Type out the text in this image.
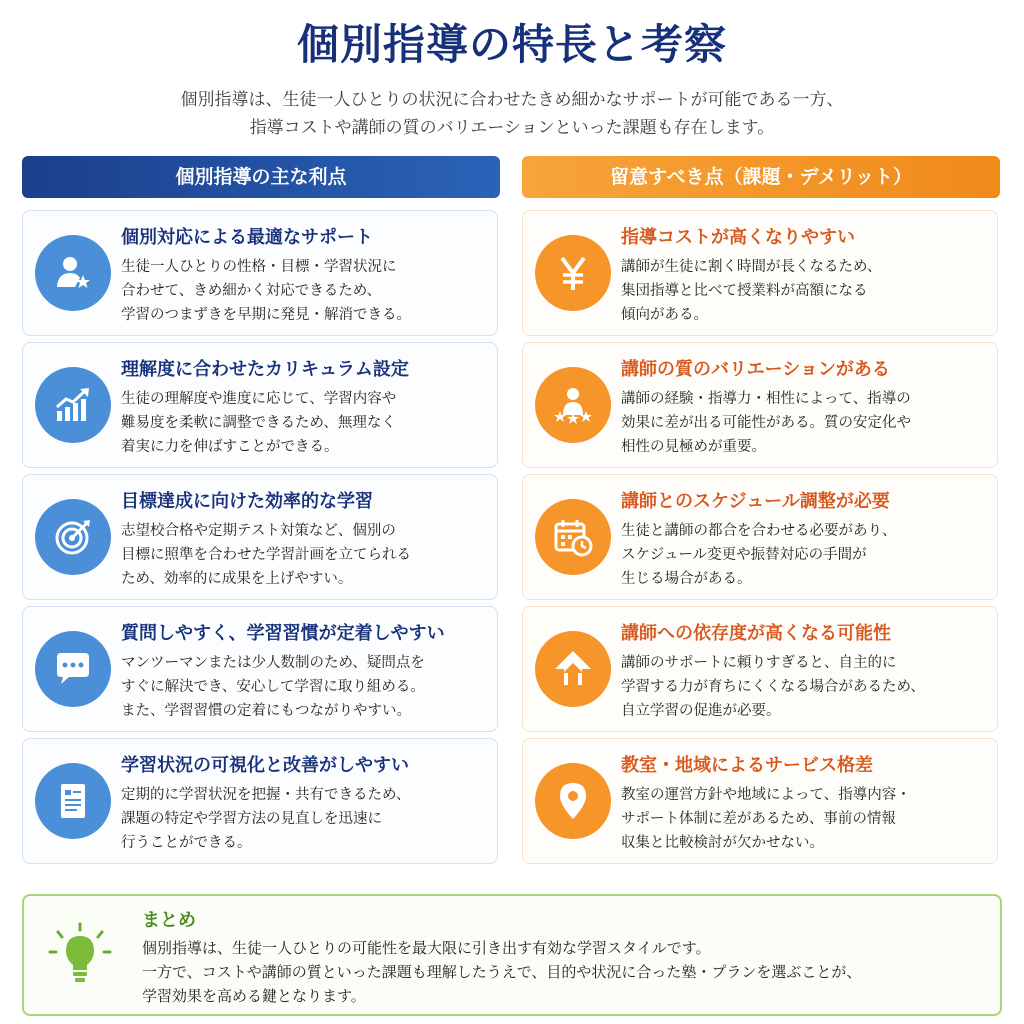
個別指導の特長と考察
個別指導は、生徒一人ひとりの状況に合わせたきめ細かなサポートが可能である一方、
指導コストや講師の質のバリエーションといった課題も存在します。
個別指導の主な利点	留意すべき点（課題・デメリット）
個別対応による最適なサポート
生徒一人ひとりの性格・目標・学習状況に
合わせて、きめ細かく対応できるため、
学習のつまずきを早期に発見・解消できる。
理解度に合わせたカリキュラム設定
生徒の理解度や進度に応じて、学習内容や
難易度を柔軟に調整できるため、無理なく
着実に力を伸ばすことができる。
目標達成に向けた効率的な学習
志望校合格や定期テスト対策など、個別の
目標に照準を合わせた学習計画を立てられる
ため、効率的に成果を上げやすい。
質問しやすく、学習習慣が定着しやすい
マンツーマンまたは少人数制のため、疑問点を
すぐに解決でき、安心して学習に取り組める。
また、学習習慣の定着にもつながりやすい。
学習状況の可視化と改善がしやすい
定期的に学習状況を把握・共有できるため、
課題の特定や学習方法の見直しを迅速に
行うことができる。
指導コストが高くなりやすい
講師が生徒に割く時間が長くなるため、
集団指導と比べて授業料が高額になる
傾向がある。
講師の質のバリエーションがある
講師の経験・指導力・相性によって、指導の
効果に差が出る可能性がある。質の安定化や
相性の見極めが重要。
講師とのスケジュール調整が必要
生徒と講師の都合を合わせる必要があり、
スケジュール変更や振替対応の手間が
生じる場合がある。
講師への依存度が高くなる可能性
講師のサポートに頼りすぎると、自主的に
学習する力が育ちにくくなる場合があるため、
自立学習の促進が必要。
教室・地域によるサービス格差
教室の運営方針や地域によって、指導内容・
サポート体制に差があるため、事前の情報
収集と比較検討が欠かせない。
まとめ
個別指導は、生徒一人ひとりの可能性を最大限に引き出す有効な学習スタイルです。
一方で、コストや講師の質といった課題も理解したうえで、目的や状況に合った塾・プランを選ぶことが、
学習効果を高める鍵となります。
